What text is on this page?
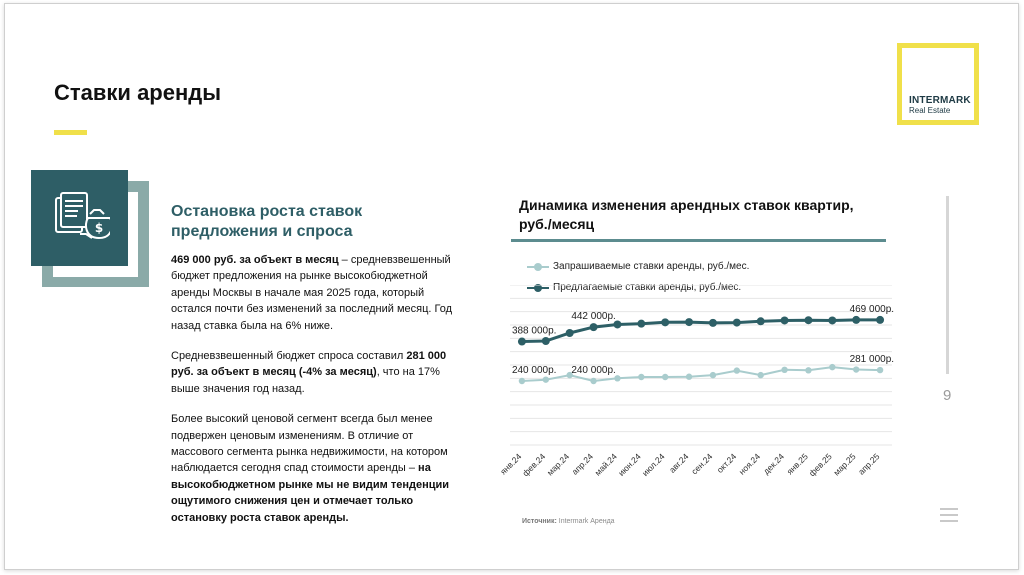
Ставки аренды	INTERMARK
Real Estate
$
Остановка роста ставок предложения и спроса

469 000 руб. за объект в месяц – средневзвешенный бюджет предложения на рынке высокобюджетной аренды Москвы в начале мая 2025 года, который остался почти без изменений за последний месяц. Год назад ставка была на 6% ниже.

Средневзвешенный бюджет спроса составил 281 000 руб. за объект в месяц (-4% за месяц), что на 17% выше значения год назад.

Более высокий ценовой сегмент всегда был менее подвержен ценовым изменениям. В отличие от массового сегмента рынка недвижимости, на котором наблюдается сегодня спад стоимости аренды – на высокобюджетном рынке мы не видим тенденции ощутимого снижения цен и отмечает только остановку роста ставок аренды.

Динамика изменения арендных ставок квартир, руб./месяц
Запрашиваемые ставки аренды, руб./мес.
Предлагаемые ставки аренды, руб./мес.
388 000р.
442 000р.
469 000р.
240 000р. 240 000р.
281 000р.
янв.24
фев.24
мар.24
апр.24
май.24
июн.24
июл.24 авг.24
сен.24 окт.24
ноя.24
дек.24
янв.25
фев.25
мар.25
апр.25
Источник: Intermark Аренда
9
